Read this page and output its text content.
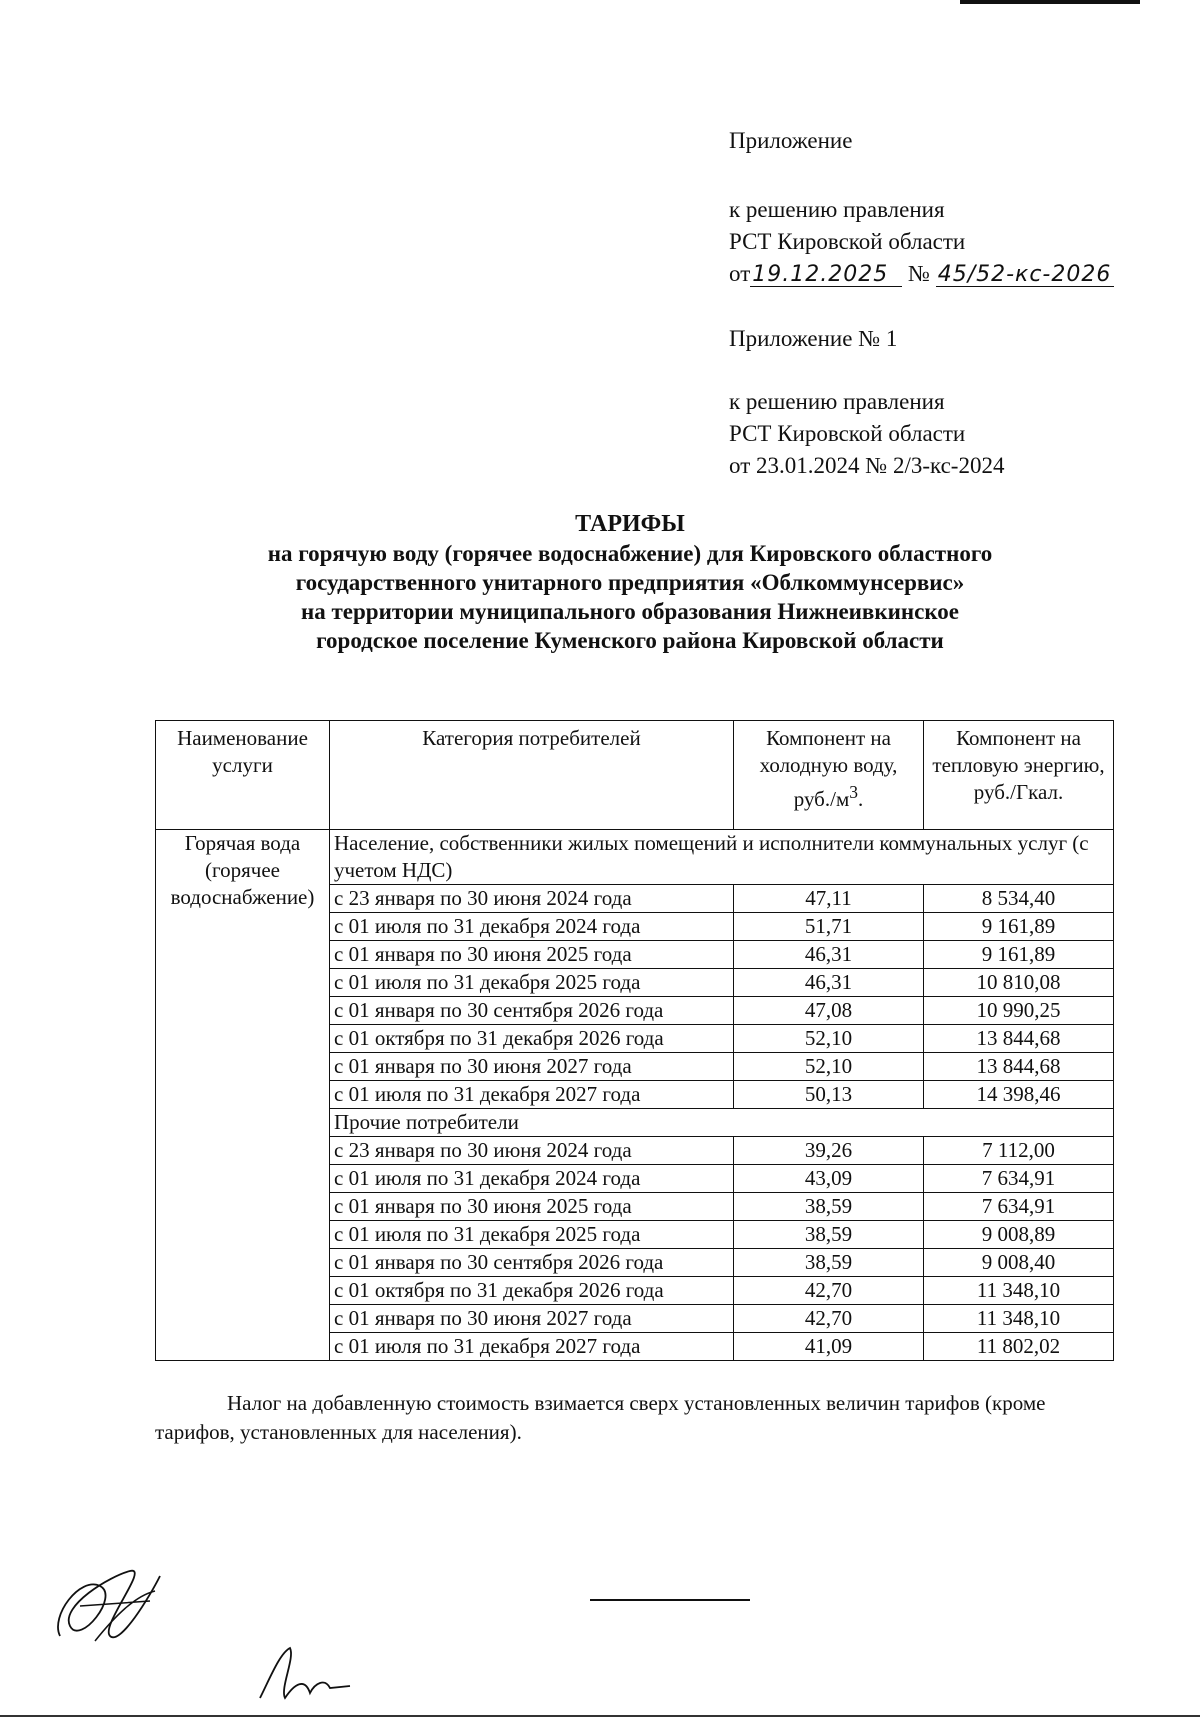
Приложение
к решению правления
РСТ Кировской области
от19.12.2025 № 45/52-кс-2026
Приложение № 1
к решению правления
РСТ Кировской области
от 23.01.2024 № 2/3-кс-2024
ТАРИФЫ
на горячую воду (горячее водоснабжение) для Кировского областного
государственного унитарного предприятия «Облкоммунсервис»
на территории муниципального образования Нижнеивкинское
городское поселение Куменского района Кировской области
Наименование услуги	Категория потребителей	Компонент на холодную воду, $руб./м^3$.	Компонент на тепловую энергию, руб./Гкал.
Горячая вода (горячее водоснабжение)	Население, собственники жилых помещений и исполнители коммунальных услуг (с учетом НДС)		
	с 23 января по 30 июня 2024 года	47,11	8 534,40
	с 01 июля по 31 декабря 2024 года	51,71	9 161,89
	с 01 января по 30 июня 2025 года	46,31	9 161,89
	с 01 июля по 31 декабря 2025 года	46,31	10 810,08
	с 01 января по 30 сентября 2026 года	47,08	10 990,25
	с 01 октября по 31 декабря 2026 года	52,10	13 844,68
	с 01 января по 30 июня 2027 года	52,10	13 844,68
	с 01 июля по 31 декабря 2027 года	50,13	14 398,46
	Прочие потребители		
	с 23 января по 30 июня 2024 года	39,26	7 112,00
	с 01 июля по 31 декабря 2024 года	43,09	7 634,91
	с 01 января по 30 июня 2025 года	38,59	7 634,91
	с 01 июля по 31 декабря 2025 года	38,59	9 008,89
	с 01 января по 30 сентября 2026 года	38,59	9 008,40
	с 01 октября по 31 декабря 2026 года	42,70	11 348,10
	с 01 января по 30 июня 2027 года	42,70	11 348,10
	с 01 июля по 31 декабря 2027 года	41,09	11 802,02
Налог на добавленную стоимость взимается сверх установленных величин тарифов (кроме тарифов, установленных для населения).
